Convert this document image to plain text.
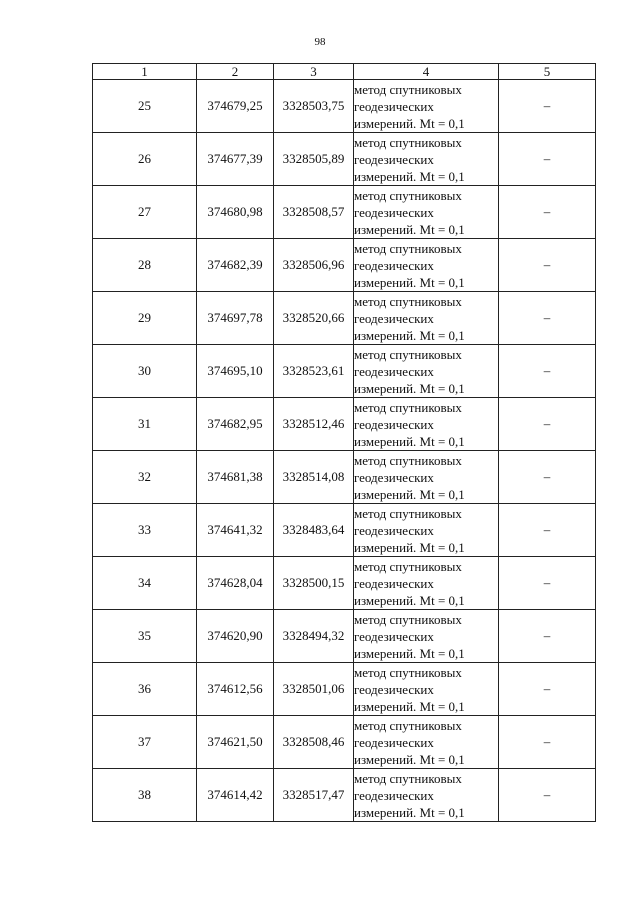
98
1	2	3	4	5
25	374679,25	3328503,75	метод спутниковых
геодезических
измерений. Mt = 0,1	–
26	374677,39	3328505,89	метод спутниковых
геодезических
измерений. Mt = 0,1	–
27	374680,98	3328508,57	метод спутниковых
геодезических
измерений. Mt = 0,1	–
28	374682,39	3328506,96	метод спутниковых
геодезических
измерений. Mt = 0,1	–
29	374697,78	3328520,66	метод спутниковых
геодезических
измерений. Mt = 0,1	–
30	374695,10	3328523,61	метод спутниковых
геодезических
измерений. Mt = 0,1	–
31	374682,95	3328512,46	метод спутниковых
геодезических
измерений. Mt = 0,1	–
32	374681,38	3328514,08	метод спутниковых
геодезических
измерений. Mt = 0,1	–
33	374641,32	3328483,64	метод спутниковых
геодезических
измерений. Mt = 0,1	–
34	374628,04	3328500,15	метод спутниковых
геодезических
измерений. Mt = 0,1	–
35	374620,90	3328494,32	метод спутниковых
геодезических
измерений. Mt = 0,1	–
36	374612,56	3328501,06	метод спутниковых
геодезических
измерений. Mt = 0,1	–
37	374621,50	3328508,46	метод спутниковых
геодезических
измерений. Mt = 0,1	–
38	374614,42	3328517,47	метод спутниковых
геодезических
измерений. Mt = 0,1	–
